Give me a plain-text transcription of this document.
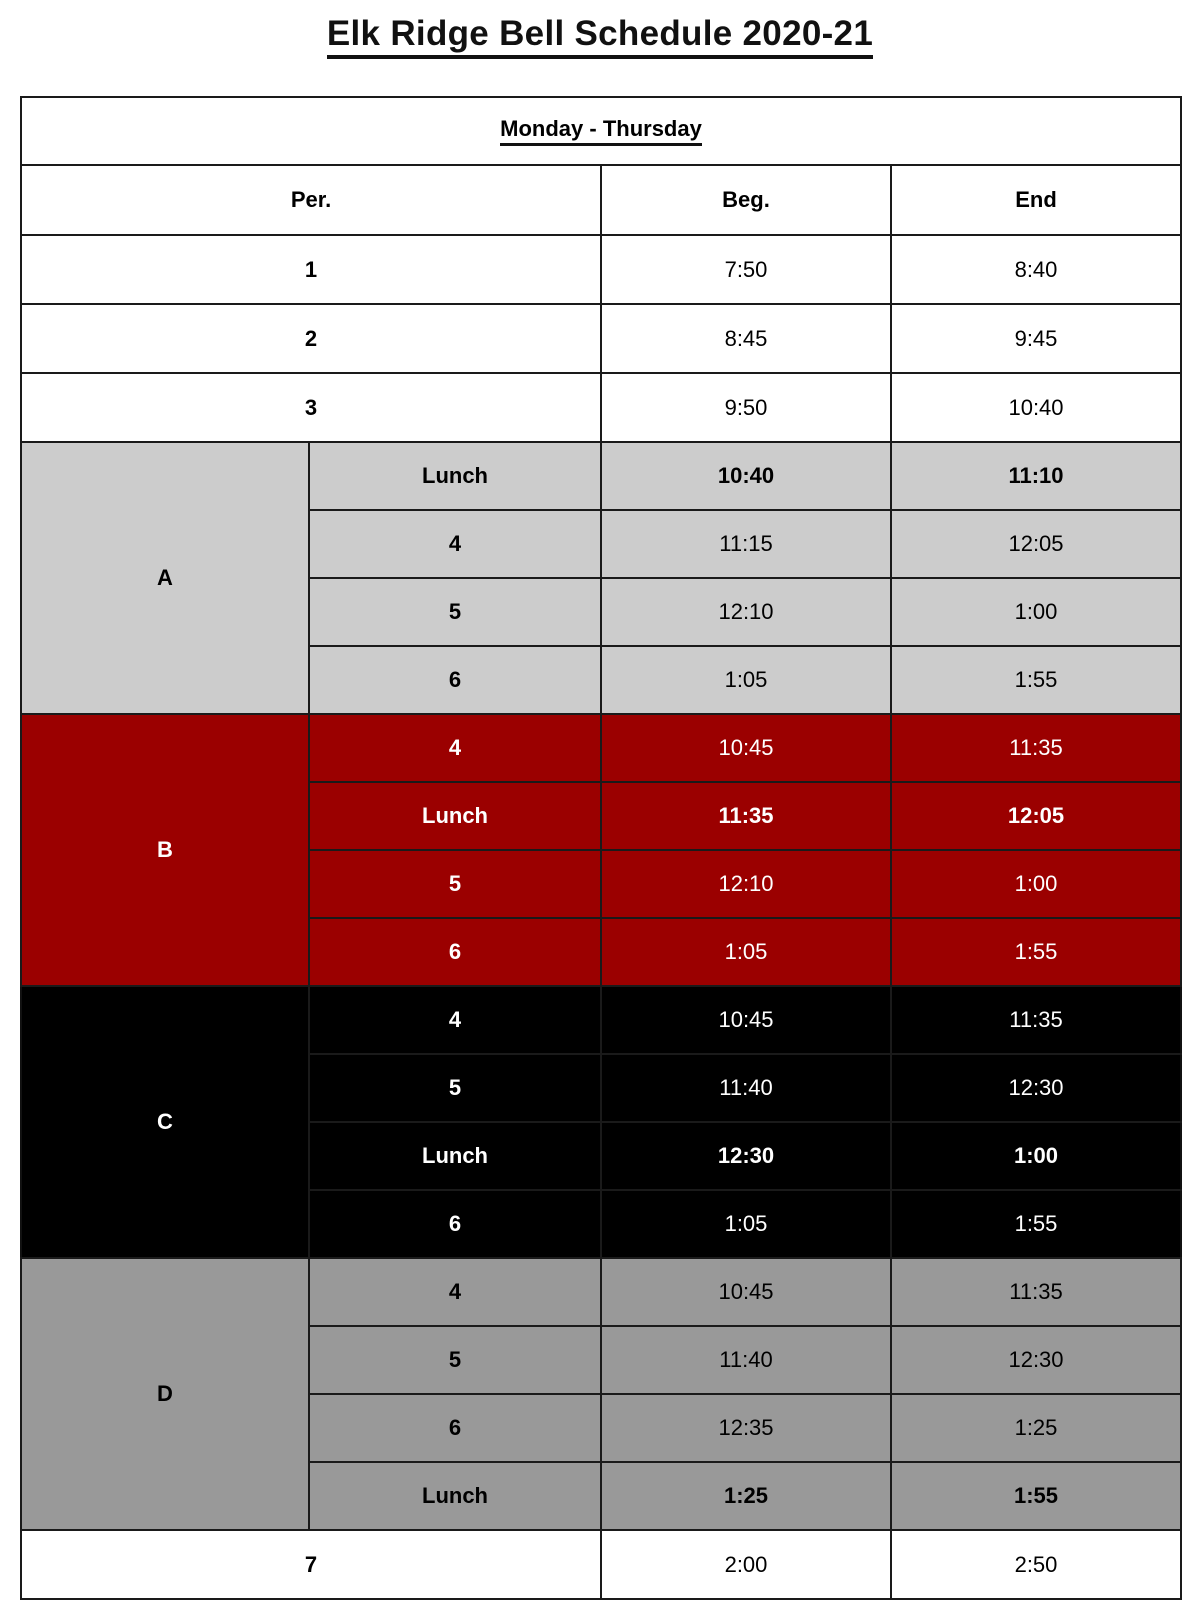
Elk Ridge Bell Schedule 2020-21
Monday - Thursday			
Per.		Beg.	End
1		7:50	8:40
2		8:45	9:45
3		9:50	10:40
A	Lunch	10:40	11:10
	4	11:15	12:05
	5	12:10	1:00
	6	1:05	1:55
B	4	10:45	11:35
	Lunch	11:35	12:05
	5	12:10	1:00
	6	1:05	1:55
C	4	10:45	11:35
	5	11:40	12:30
	Lunch	12:30	1:00
	6	1:05	1:55
D	4	10:45	11:35
	5	11:40	12:30
	6	12:35	1:25
	Lunch	1:25	1:55
7		2:00	2:50
